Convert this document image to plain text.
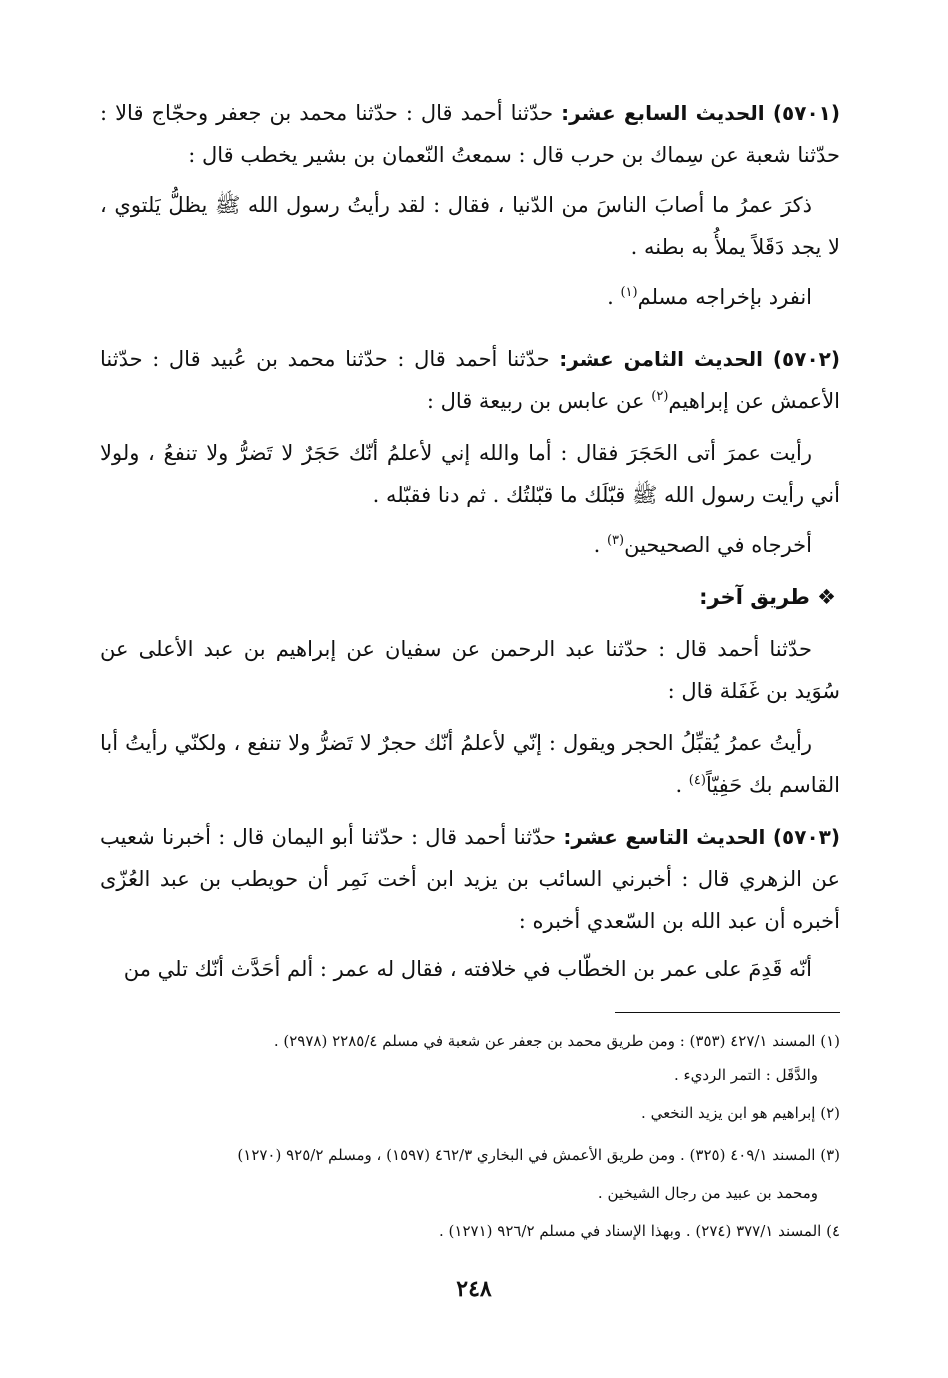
(٥٧٠١) الحديث السابع عشر: حدّثنا أحمد قال : حدّثنا محمد بن جعفر وحجّاج قالا : حدّثنا شعبة عن سِماك بن حرب قال : سمعتُ النّعمان بن بشير يخطب قال :

ذكرَ عمرُ ما أصابَ الناسَ من الدّنيا ، فقال : لقد رأيتُ رسول الله ﷺ يظلُّ يَلتوي ، لا يجد دَقَلاً يملأُ به بطنه .

انفرد بإخراجه مسلم$^{(١)}$ .

(٥٧٠٢) الحديث الثامن عشر: حدّثنا أحمد قال : حدّثنا محمد بن عُبيد قال : حدّثنا الأعمش عن إبراهيم$^{(٢)}$ عن عابس بن ربيعة قال :

رأيت عمرَ أتى الحَجَرَ فقال : أما والله إني لأعلمُ أنّك حَجَرٌ لا تَضرُّ ولا تنفعُ ، ولولا أني رأيت رسول الله ﷺ قبّلَك ما قبّلتُك . ثم دنا فقبّله .

أخرجاه في الصحيحين$^{(٣)}$ .

❖ طريق آخر:

حدّثنا أحمد قال : حدّثنا عبد الرحمن عن سفيان عن إبراهيم بن عبد الأعلى عن سُوَيد بن غَفَلة قال :

رأيتُ عمرُ يُقبِّلُ الحجر ويقول : إنّي لأعلمُ أنّك حجرٌ لا تَضرُّ ولا تنفع ، ولكنّي رأيتُ أبا القاسم بك حَفِيّاً$^{(٤)}$ .

(٥٧٠٣) الحديث التاسع عشر: حدّثنا أحمد قال : حدّثنا أبو اليمان قال : أخبرنا شعيب عن الزهري قال : أخبرني السائب بن يزيد ابن أخت نَمِر أن حويطب بن عبد العُزّى أخبره أن عبد الله بن السّعدي أخبره :

أنّه قَدِمَ على عمر بن الخطّاب في خلافته ، فقال له عمر : ألم أحَدَّث أنّك تلي من

(١) المسند ٤٢٧/١ (٣٥٣) : ومن طريق محمد بن جعفر عن شعبة في مسلم ٢٢٨٥/٤ (٢٩٧٨) .

والدَّقَل : التمر الرديء .

(٢) إبراهيم هو ابن يزيد النخعي .

(٣) المسند ٤٠٩/١ (٣٢٥) . ومن طريق الأعمش في البخاري ٤٦٢/٣ (١٥٩٧) ، ومسلم ٩٢٥/٢ (١٢٧٠)

ومحمد بن عبيد من رجال الشيخين .

٤) المسند ٣٧٧/١ (٢٧٤) . وبهذا الإسناد في مسلم ٩٢٦/٢ (١٢٧١) .

٢٤٨
